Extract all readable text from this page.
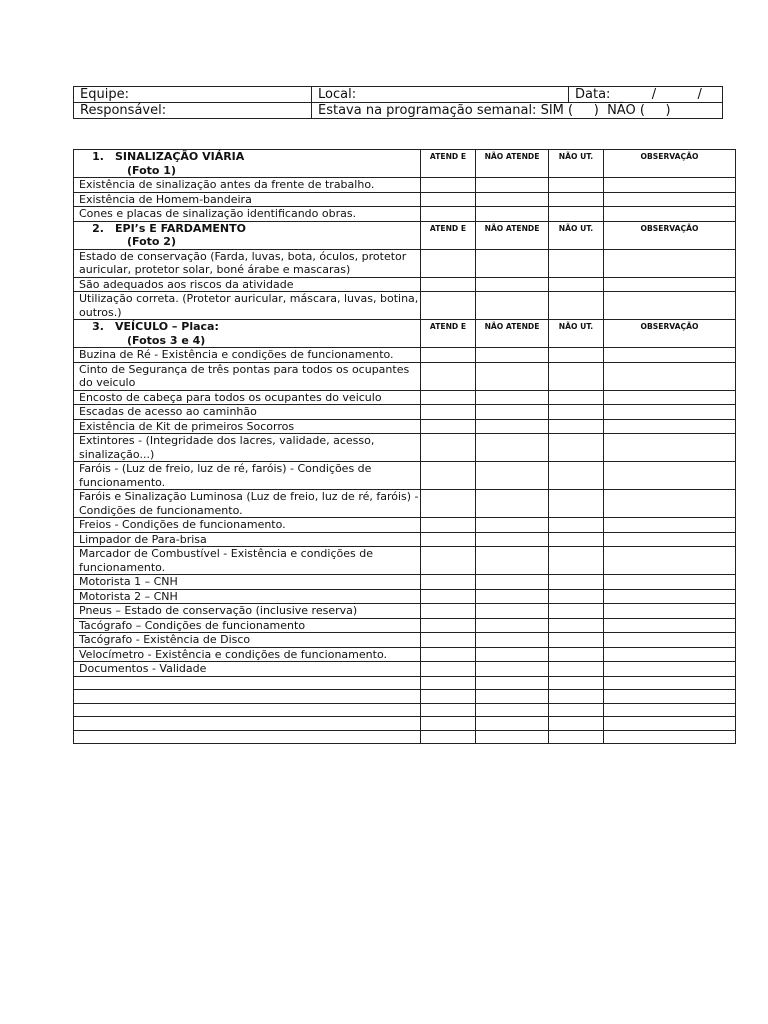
Equipe:	Local:	Data:          /          /
Responsável:	Estava na programação semanal: SIM (     )  NÃO (     )	
1. SINALIZAÇÃO VIÁRIA
(Foto 1)	ATEND E	NÃO ATENDE	NÃO UT.	OBSERVAÇÃO
Existência de sinalização antes da frente de trabalho.				
Existência de Homem-bandeira				
Cones e placas de sinalização identificando obras.				
2. EPI’s E FARDAMENTO
(Foto 2)	ATEND E	NÃO ATENDE	NÃO UT.	OBSERVAÇÃO
Estado de conservação (Farda, luvas, bota, óculos, protetor auricular, protetor solar, boné árabe e mascaras)				
São adequados aos riscos da atividade				
Utilização correta. (Protetor auricular, máscara, luvas, botina, outros.)				
3. VEÍCULO – Placa:
(Fotos 3 e 4)	ATEND E	NÃO ATENDE	NÃO UT.	OBSERVAÇÃO
Buzina de Ré - Existência e condições de funcionamento.				
Cinto de Segurança de três pontas para todos os ocupantes do veiculo				
Encosto de cabeça para todos os ocupantes do veiculo				
Escadas de acesso ao caminhão				
Existência de Kit de primeiros Socorros				
Extintores - (Integridade dos lacres, validade, acesso, sinalização...)				
Faróis - (Luz de freio, luz de ré, faróis) - Condições de funcionamento.				
Faróis e Sinalização Luminosa (Luz de freio, luz de ré, faróis) - Condições de funcionamento.				
Freios - Condições de funcionamento.				
Limpador de Para-brisa				
Marcador de Combustível - Existência e condições de funcionamento.				
Motorista 1 – CNH				
Motorista 2 – CNH				
Pneus – Estado de conservação (inclusive reserva)				
Tacógrafo – Condições de funcionamento				
Tacógrafo - Existência de Disco				
Velocímetro - Existência e condições de funcionamento.				
Documentos - Validade				
